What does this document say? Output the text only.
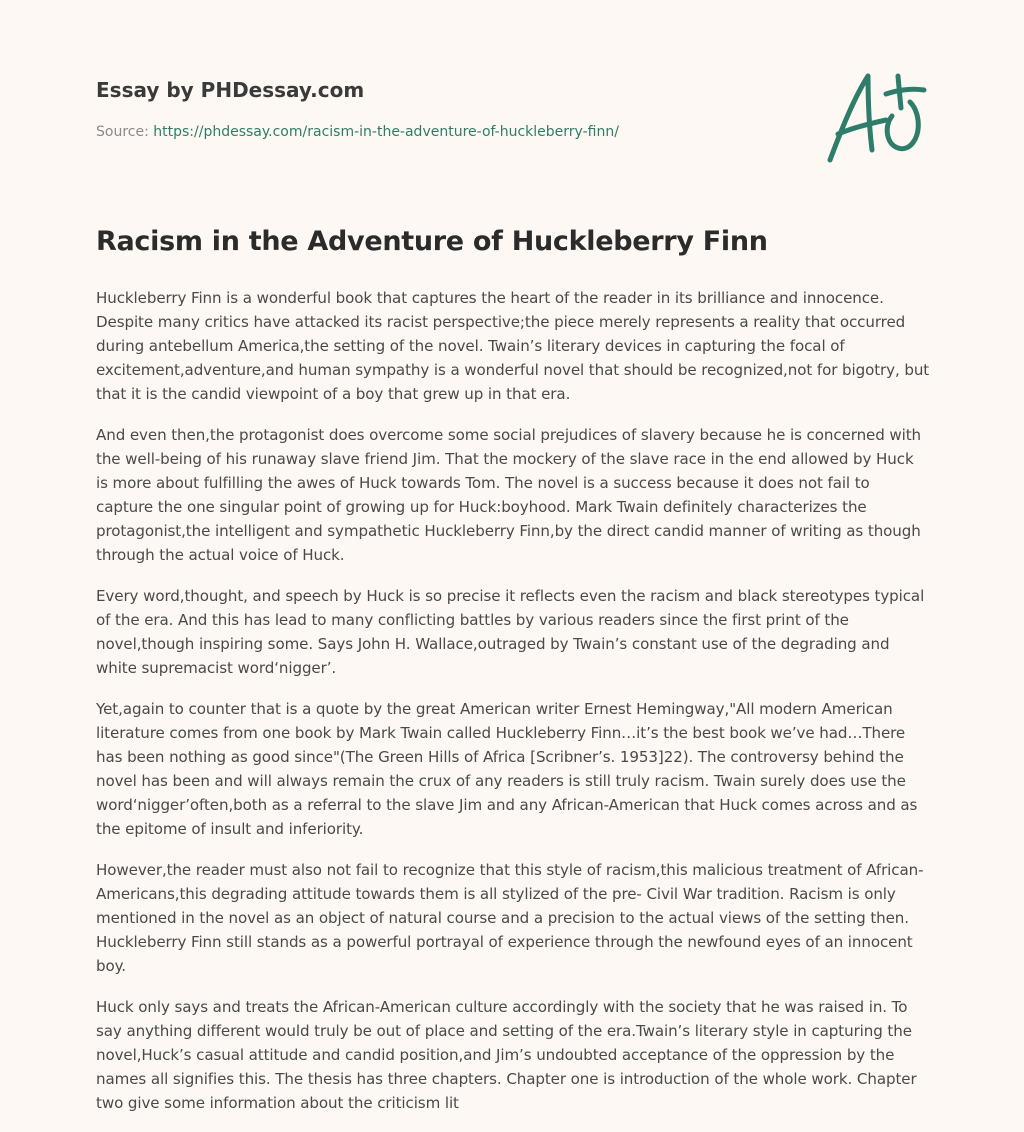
Essay by PHDessay.com
Source: https://phdessay.com/racism-in-the-adventure-of-huckleberry-finn/
Racism in the Adventure of Huckleberry Finn

Huckleberry Finn is a wonderful book that captures the heart of the reader in its brilliance and innocence. Despite many critics have attacked its racist perspective;the piece merely represents a reality that occurred during antebellum America,the setting of the novel. Twain’s literary devices in capturing the focal of excitement,adventure,and human sympathy is a wonderful novel that should be recognized,not for bigotry, but that it is the candid viewpoint of a boy that grew up in that era.

And even then,the protagonist does overcome some social prejudices of slavery because he is concerned with the well-being of his runaway slave friend Jim. That the mockery of the slave race in the end allowed by Huck is more about fulfilling the awes of Huck towards Tom. The novel is a success because it does not fail to capture the one singular point of growing up for Huck:boyhood. Mark Twain definitely characterizes the protagonist,the intelligent and sympathetic Huckleberry Finn,by the direct candid manner of writing as though through the actual voice of Huck.

Every word,thought, and speech by Huck is so precise it reflects even the racism and black stereotypes typical of the era. And this has lead to many conflicting battles by various readers since the first print of the novel,though inspiring some. Says John H. Wallace,outraged by Twain’s constant use of the degrading and white supremacist word‘nigger’.

Yet,again to counter that is a quote by the great American writer Ernest Hemingway,"All modern American literature comes from one book by Mark Twain called Huckleberry Finn…it’s the best book we’ve had…There has been nothing as good since"(The Green Hills of Africa [Scribner’s. 1953]22). The controversy behind the novel has been and will always remain the crux of any readers is still truly racism. Twain surely does use the word‘nigger’often,both as a referral to the slave Jim and any African-American that Huck comes across and as the epitome of insult and inferiority.

However,the reader must also not fail to recognize that this style of racism,this malicious treatment of African-Americans,this degrading attitude towards them is all stylized of the pre- Civil War tradition. Racism is only mentioned in the novel as an object of natural course and a precision to the actual views of the setting then. Huckleberry Finn still stands as a powerful portrayal of experience through the newfound eyes of an innocent boy.

Huck only says and treats the African-American culture accordingly with the society that he was raised in. To say anything different would truly be out of place and setting of the era.Twain’s literary style in capturing the novel,Huck’s casual attitude and candid position,and Jim’s undoubted acceptance of the oppression by the names all signifies this. The thesis has three chapters. Chapter one is introduction of the whole work. Chapter two give some information about the criticism lit
